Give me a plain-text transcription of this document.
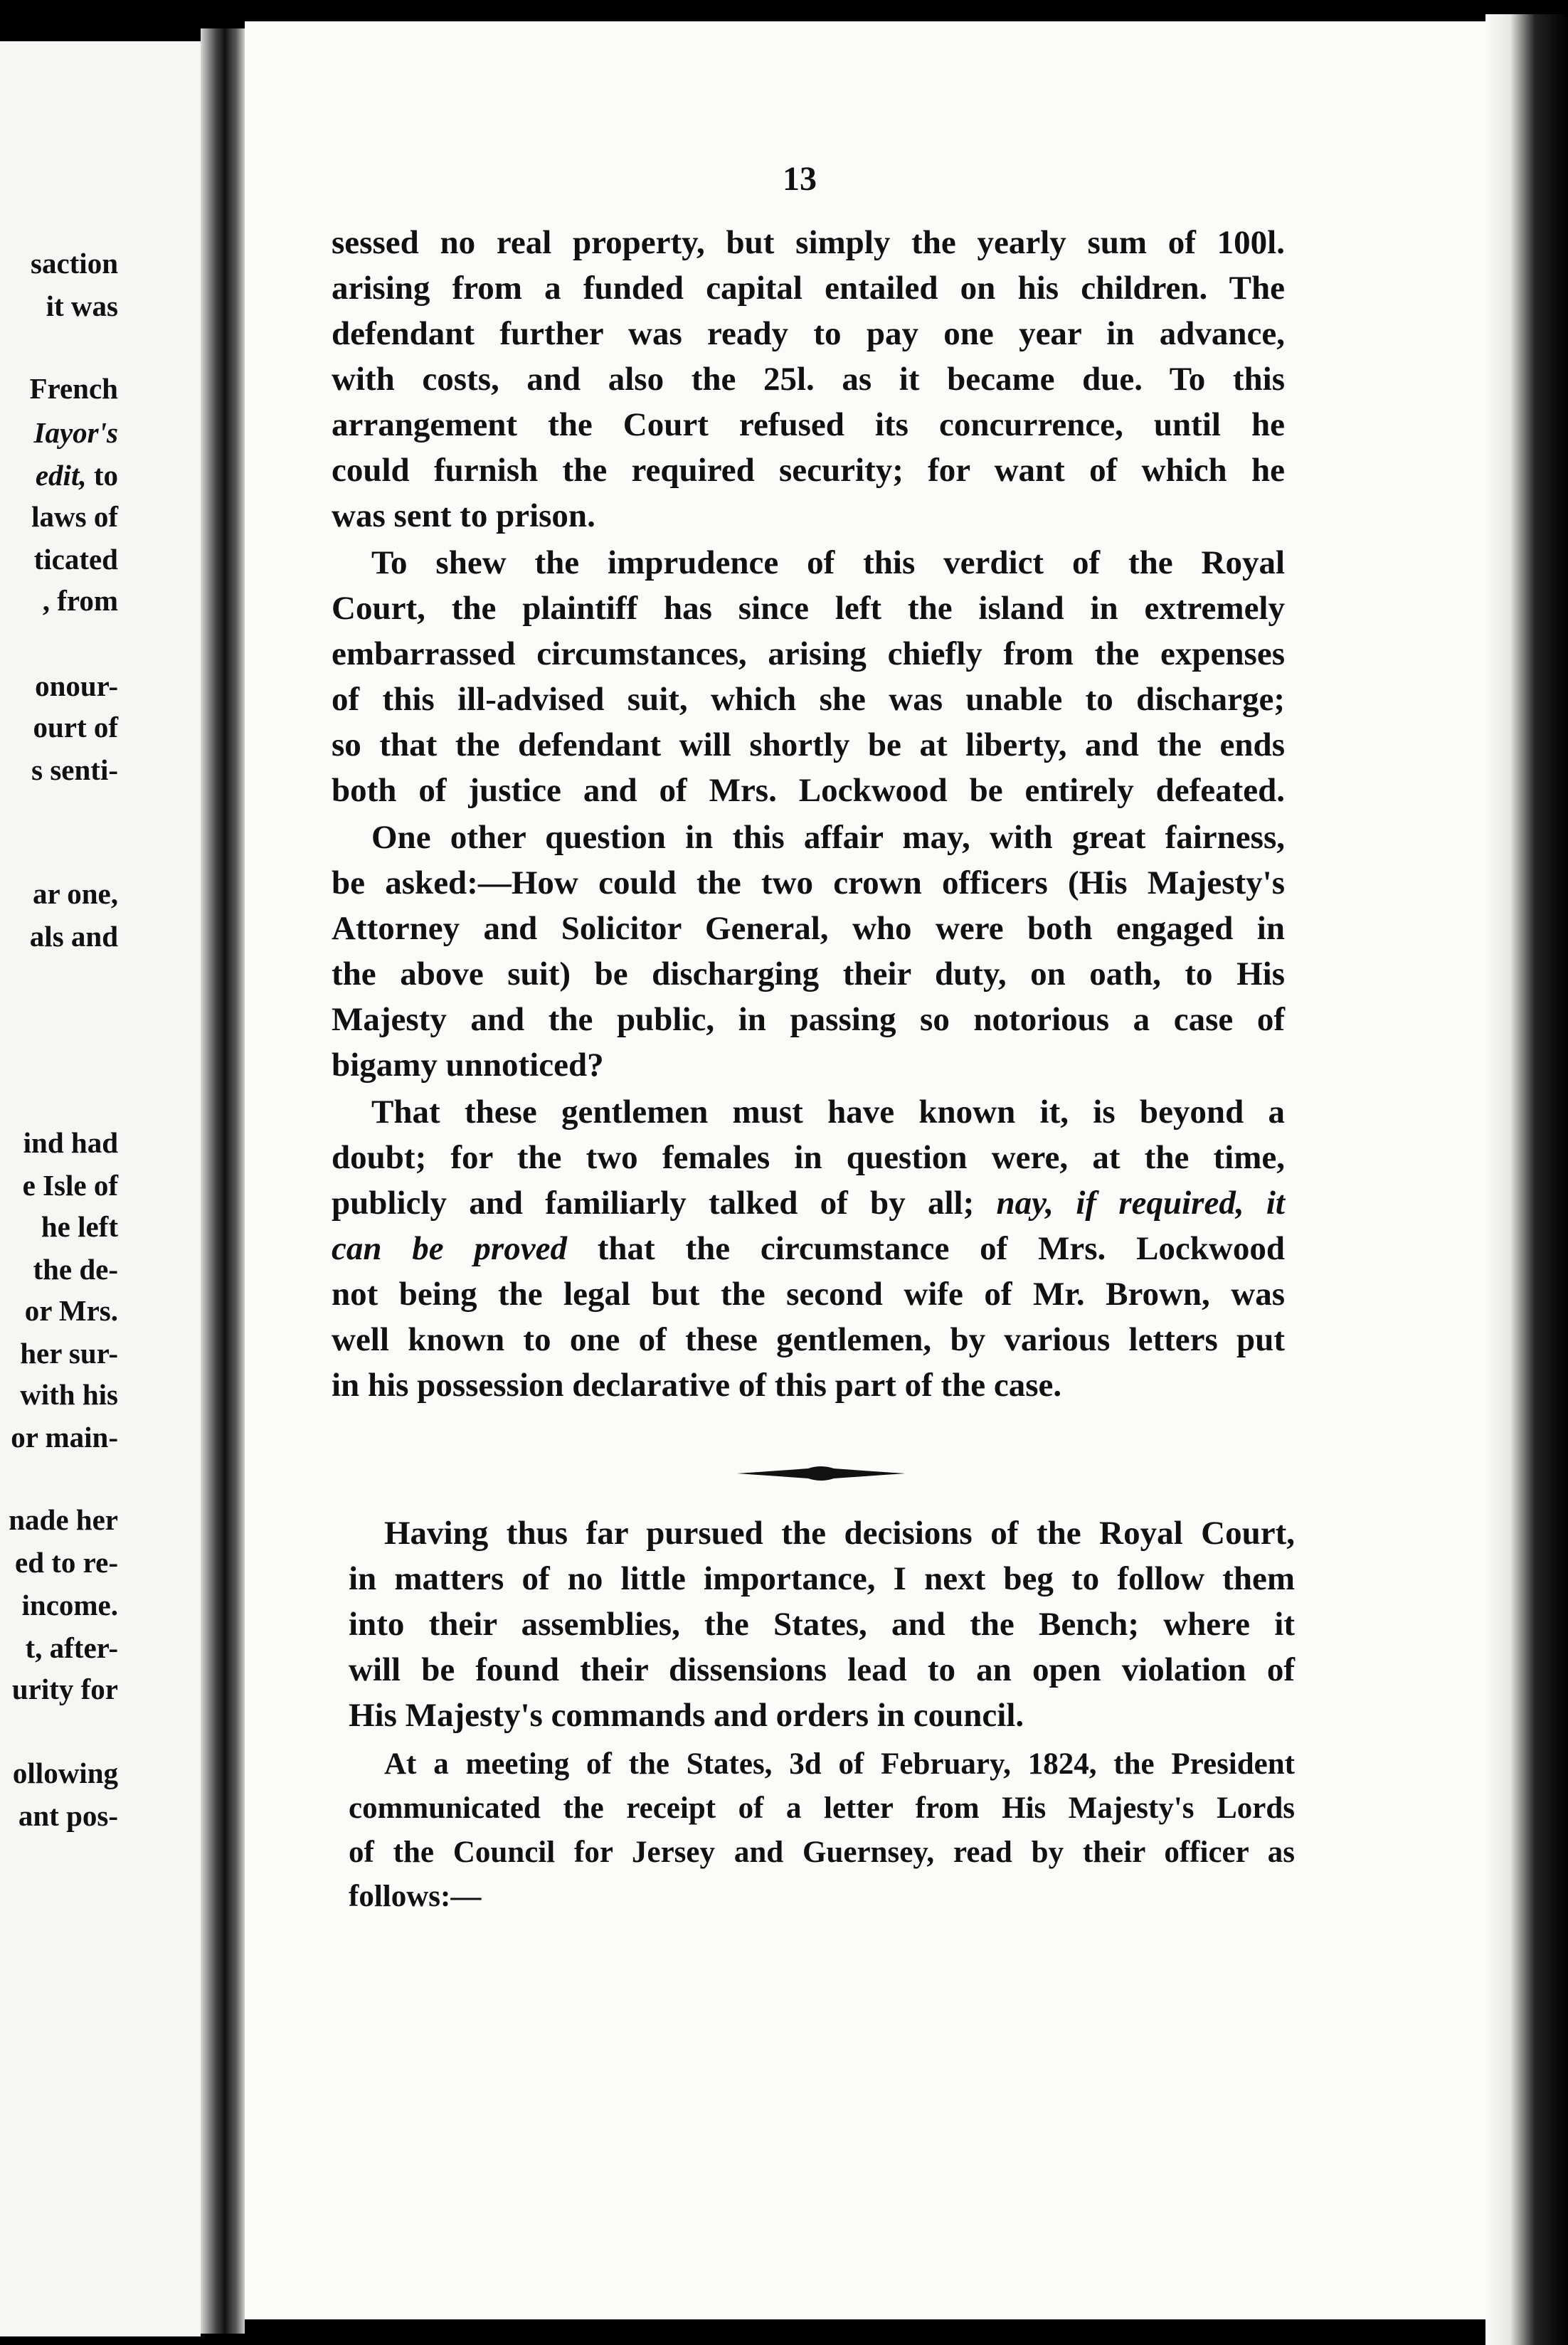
saction
it was
French
Iayor's
edit, to
laws of
ticated
, from
onour-
ourt of
s senti-
ar one,
als and
ind had
e Isle of
he left
the de-
or Mrs.
her sur-
with his
or main-
nade her
ed to re-
income.
t, after-
urity for
ollowing
ant pos-
13
sessed no real property, but simply the yearly sum of 100l.
arising from a funded capital entailed on his children. The
defendant further was ready to pay one year in advance,
with costs, and also the 25l. as it became due. To this
arrangement the Court refused its concurrence, until he
could furnish the required security; for want of which he
was sent to prison.
To shew the imprudence of this verdict of the Royal
Court, the plaintiff has since left the island in extremely
embarrassed circumstances, arising chiefly from the expenses
of this ill-advised suit, which she was unable to discharge;
so that the defendant will shortly be at liberty, and the ends
both of justice and of Mrs. Lockwood be entirely defeated.
One other question in this affair may, with great fairness,
be asked:—How could the two crown officers (His Majesty's
Attorney and Solicitor General, who were both engaged in
the above suit) be discharging their duty, on oath, to His
Majesty and the public, in passing so notorious a case of
bigamy unnoticed?
That these gentlemen must have known it, is beyond a
doubt; for the two females in question were, at the time,
publicly and familiarly talked of by all; nay, if required, it
can be proved that the circumstance of Mrs. Lockwood
not being the legal but the second wife of Mr. Brown, was
well known to one of these gentlemen, by various letters put
in his possession declarative of this part of the case.
Having thus far pursued the decisions of the Royal Court,
in matters of no little importance, I next beg to follow them
into their assemblies, the States, and the Bench; where it
will be found their dissensions lead to an open violation of
His Majesty's commands and orders in council.
At a meeting of the States, 3d of February, 1824, the President
communicated the receipt of a letter from His Majesty's Lords
of the Council for Jersey and Guernsey, read by their officer as
follows:—
